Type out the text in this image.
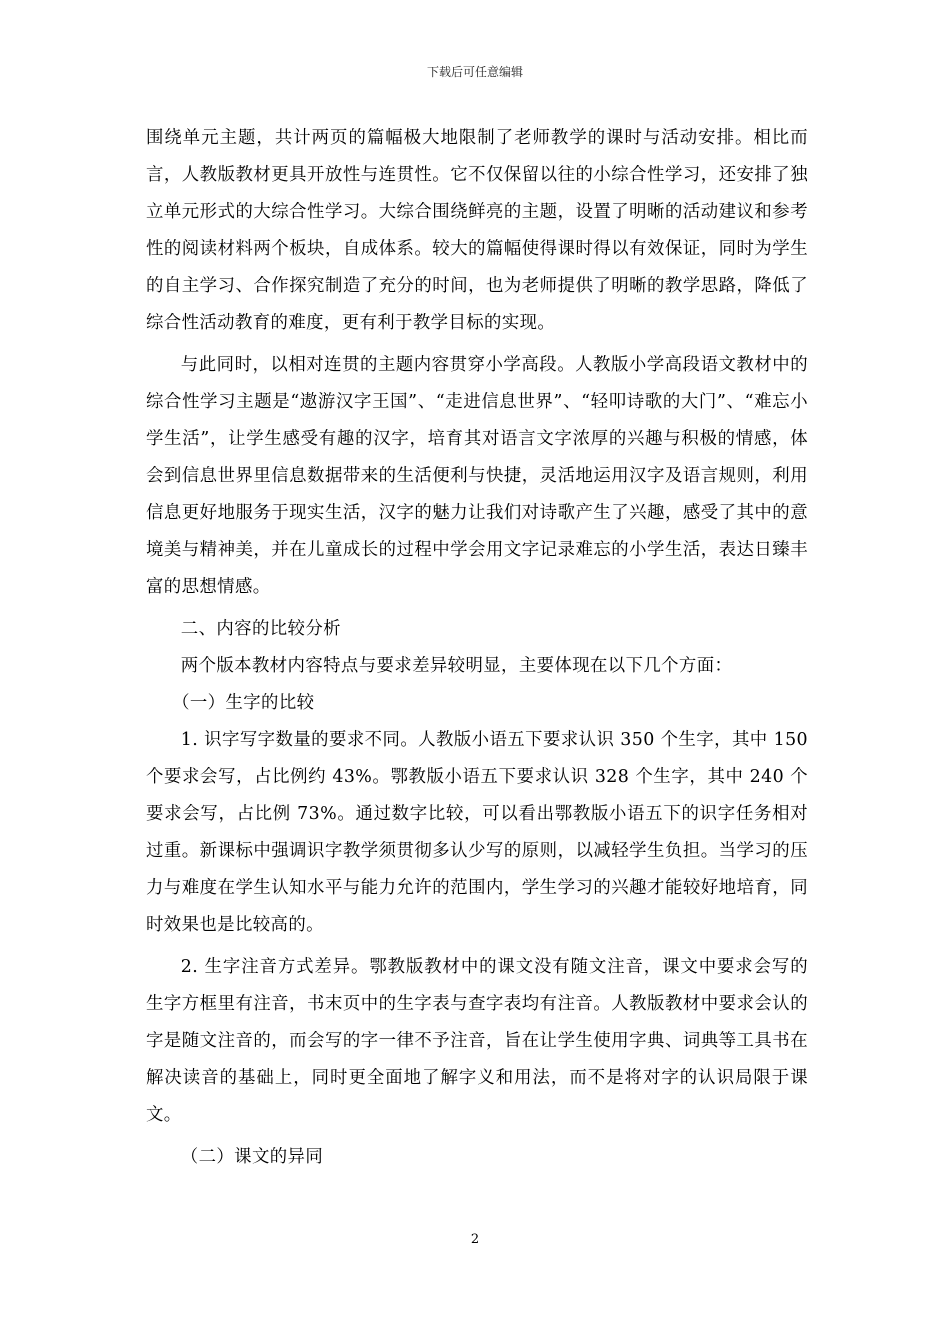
下载后可任意编辑

围绕单元主题，共计两页的篇幅极大地限制了老师教学的课时与活动安排。相比而言，人教版教材更具开放性与连贯性。它不仅保留以往的小综合性学习，还安排了独立单元形式的大综合性学习。大综合围绕鲜亮的主题，设置了明晰的活动建议和参考性的阅读材料两个板块，自成体系。较大的篇幅使得课时得以有效保证，同时为学生的自主学习、合作探究制造了充分的时间，也为老师提供了明晰的教学思路，降低了综合性活动教育的难度，更有利于教学目标的实现。

与此同时，以相对连贯的主题内容贯穿小学高段。人教版小学高段语文教材中的综合性学习主题是“遨游汉字王国”、“走进信息世界”、“轻叩诗歌的大门”、“难忘小学生活”，让学生感受有趣的汉字，培育其对语言文字浓厚的兴趣与积极的情感，体会到信息世界里信息数据带来的生活便利与快捷，灵活地运用汉字及语言规则，利用信息更好地服务于现实生活，汉字的魅力让我们对诗歌产生了兴趣，感受了其中的意境美与精神美，并在儿童成长的过程中学会用文字记录难忘的小学生活，表达日臻丰富的思想情感。

二、内容的比较分析

两个版本教材内容特点与要求差异较明显，主要体现在以下几个方面：

（一）生字的比较

1. 识字写字数量的要求不同。人教版小语五下要求认识 350 个生字，其中 150 个要求会写，占比例约 43%。鄂教版小语五下要求认识 328 个生字，其中 240 个要求会写，占比例 73%。通过数字比较，可以看出鄂教版小语五下的识字任务相对过重。新课标中强调识字教学须贯彻多认少写的原则，以减轻学生负担。当学习的压力与难度在学生认知水平与能力允许的范围内，学生学习的兴趣才能较好地培育，同时效果也是比较高的。

2. 生字注音方式差异。鄂教版教材中的课文没有随文注音，课文中要求会写的生字方框里有注音，书末页中的生字表与查字表均有注音。人教版教材中要求会认的字是随文注音的，而会写的字一律不予注音，旨在让学生使用字典、词典等工具书在解决读音的基础上，同时更全面地了解字义和用法，而不是将对字的认识局限于课文。

（二）课文的异同

2
